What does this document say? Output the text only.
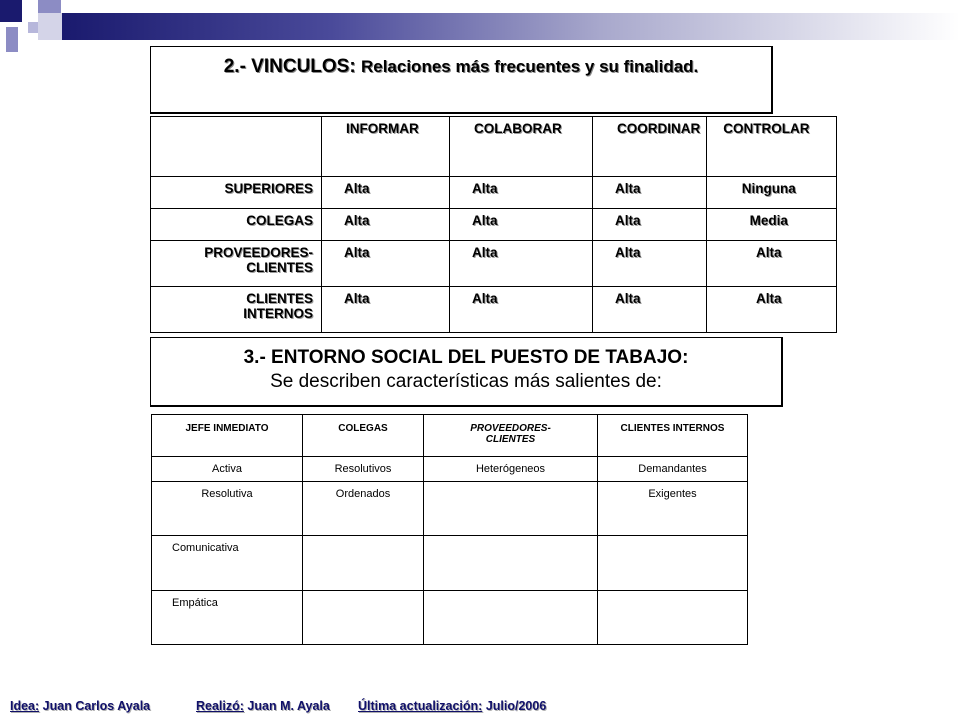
2.- VINCULOS: Relaciones más frecuentes y su finalidad.
	INFORMAR	COLABORAR	COORDINAR	CONTROLAR
SUPERIORES	Alta	Alta	Alta	Ninguna
COLEGAS	Alta	Alta	Alta	Media

PROVEEDORES-
CLIENTES	Alta	Alta	Alta	Alta

CLIENTES
INTERNOS	Alta	Alta	Alta	Alta
3.- ENTORNO SOCIAL DEL PUESTO DE TABAJO:
Se describen características más salientes de:
JEFE INMEDIATO	COLEGAS	PROVEEDORES-
CLIENTES	CLIENTES INTERNOS
Activa	Resolutivos	Heterógeneos	Demandantes
Resolutiva	Ordenados		Exigentes
Comunicativa			
Empática			
Idea: Juan Carlos Ayala	Realizó: Juan M. Ayala Última actualización: Julio/2006
